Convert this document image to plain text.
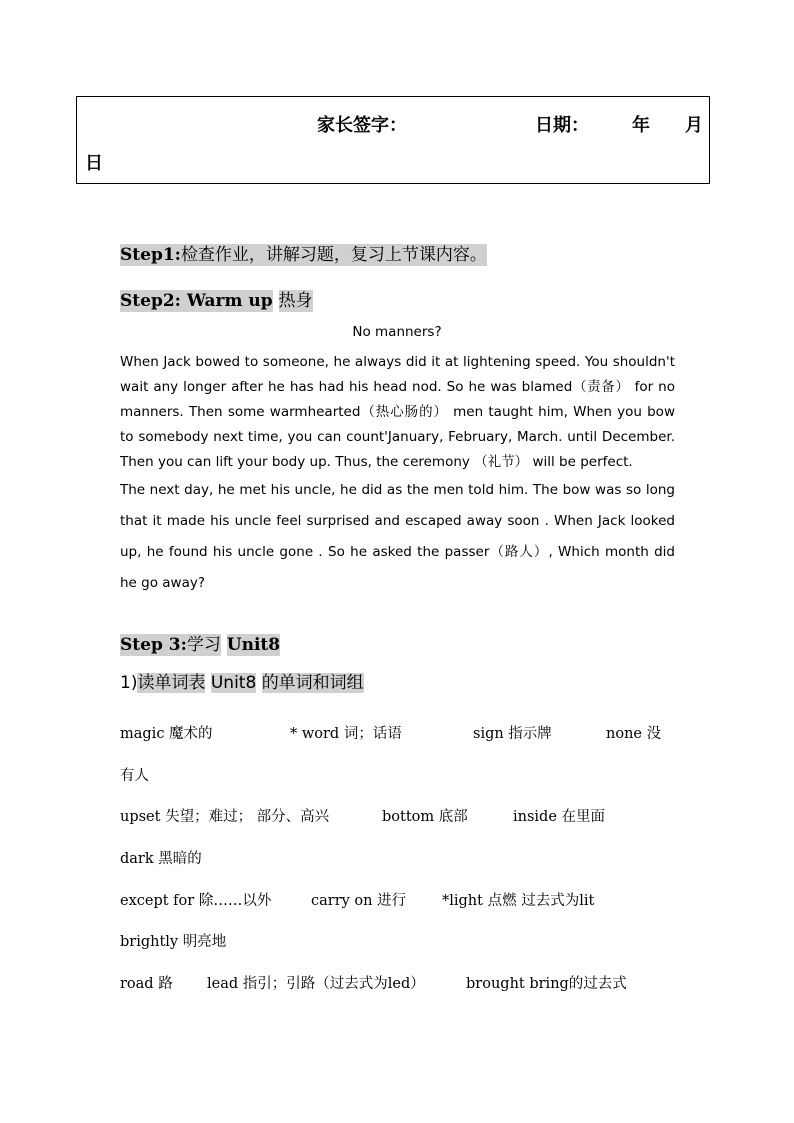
家长签字：	日期： 年 月
日
Step1:检查作业，讲解习题，复习上节课内容。
Step2: Warm up 热身
No manners?

When Jack bowed to someone, he always did it at lightening speed. You shouldn't wait any longer after he has had his head nod. So he was blamed（责备） for no manners. Then some warmhearted（热心肠的） men taught him, When you bow to somebody next time, you can count'January, February, March. until December. Then you can lift your body up. Thus, the ceremony （礼节） will be perfect.

The next day, he met his uncle, he did as the men told him. The bow was so long that it made his uncle feel surprised and escaped away soon . When Jack looked up, he found his uncle gone . So he asked the passer（路人）, Which month did he go away?

Step 3:学习 Unit8
1)读单词表 Unit8 的单词和词组
magic 魔术的	* word 词；话语	sign 指示牌	none 没
有人
upset 失望；难过； 部分、高兴	bottom 底部	inside 在里面
dark 黑暗的
except for 除……以外	carry on 进行 *light 点燃 过去式为lit
brightly 明亮地
road 路 lead 指引；引路（过去式为led）	brought bring的过去式
